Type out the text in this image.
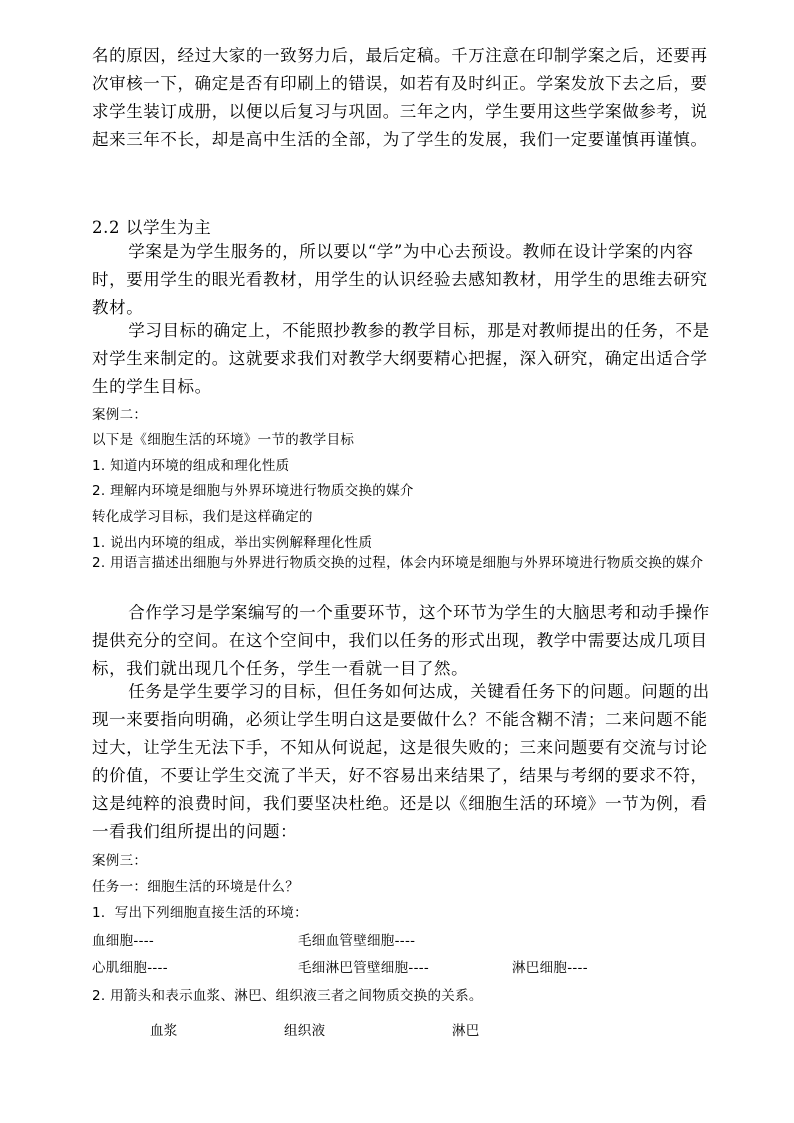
名的原因，经过大家的一致努力后，最后定稿。千万注意在印制学案之后，还要再次审核一下，确定是否有印刷上的错误，如若有及时纠正。学案发放下去之后，要求学生装订成册，以便以后复习与巩固。三年之内，学生要用这些学案做参考，说起来三年不长，却是高中生活的全部，为了学生的发展，我们一定要谨慎再谨慎。
2.2 以学生为主
学案是为学生服务的，所以要以“学”为中心去预设。教师在设计学案的内容时，要用学生的眼光看教材，用学生的认识经验去感知教材，用学生的思维去研究教材。
学习目标的确定上，不能照抄教参的教学目标，那是对教师提出的任务，不是对学生来制定的。这就要求我们对教学大纲要精心把握，深入研究，确定出适合学生的学生目标。
案例二：
以下是《细胞生活的环境》一节的教学目标
1. 知道内环境的组成和理化性质
2. 理解内环境是细胞与外界环境进行物质交换的媒介
转化成学习目标，我们是这样确定的
1. 说出内环境的组成，举出实例解释理化性质
2. 用语言描述出细胞与外界进行物质交换的过程，体会内环境是细胞与外界环境进行物质交换的媒介
合作学习是学案编写的一个重要环节，这个环节为学生的大脑思考和动手操作提供充分的空间。在这个空间中，我们以任务的形式出现，教学中需要达成几项目标，我们就出现几个任务，学生一看就一目了然。
任务是学生要学习的目标，但任务如何达成，关键看任务下的问题。问题的出现一来要指向明确，必须让学生明白这是要做什么？不能含糊不清；二来问题不能过大，让学生无法下手，不知从何说起，这是很失败的；三来问题要有交流与讨论的价值，不要让学生交流了半天，好不容易出来结果了，结果与考纲的要求不符，这是纯粹的浪费时间，我们要坚决杜绝。还是以《细胞生活的环境》一节为例，看一看我们组所提出的问题：
案例三：
任务一：细胞生活的环境是什么？
1．写出下列细胞直接生活的环境：
血细胞----	毛细血管壁细胞----
心肌细胞----	毛细淋巴管壁细胞----	淋巴细胞----
2. 用箭头和表示血浆、淋巴、组织液三者之间物质交换的关系。
血浆	组织液	淋巴
